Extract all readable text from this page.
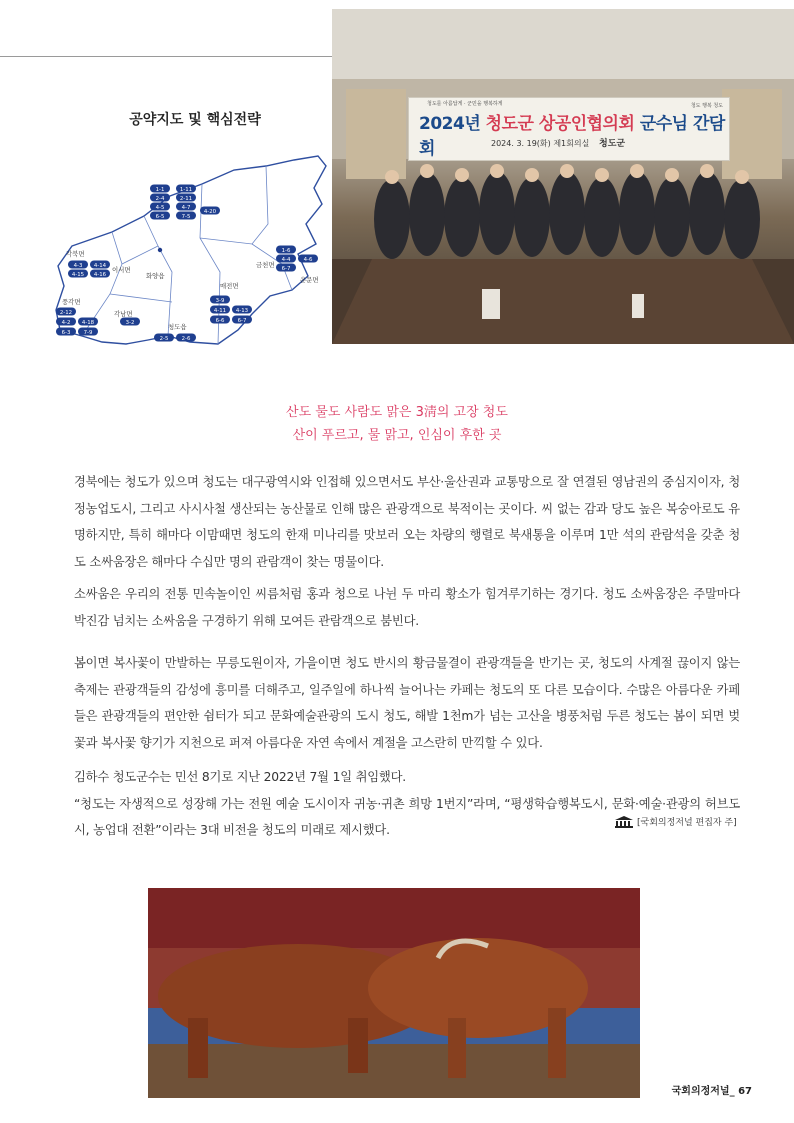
공약지도 및 핵심전략
각북면
이서면
화양읍
풍각면
각남면
청도읍
매전면
금천면
운문면
1-1	1-11
2-4	2-11
4-5	4-7
4-20
6-5	7-5
4-3 4-14
4-15 4-16
2-12
4-2 4-18
6-3 7-9
3-2
2-5 2-6
3-9
4-11 4-13
6-6 6-7
1-6
4-4 4-6
6-7
청도를 아름답게 · 군민을 행복하게	청도 행복 청도
2024년 청도군 상공인협의회 군수님 간담회	2024. 3. 19(화) 제1회의실 청도군
산도 물도 사람도 맑은 3淸의 고장 청도
산이 푸르고, 물 맑고, 인심이 후한 곳

경북에는 청도가 있으며 청도는 대구광역시와 인접해 있으면서도 부산·울산권과 교통망으로 잘 연결된 영남권의 중심지이자, 청정농업도시, 그리고 사시사철 생산되는 농산물로 인해 많은 관광객으로 북적이는 곳이다. 씨 없는 감과 당도 높은 복숭아로도 유명하지만, 특히 해마다 이맘때면 청도의 한재 미나리를 맛보러 오는 차량의 행렬로 북새통을 이루며 1만 석의 관람석을 갖춘 청도 소싸움장은 해마다 수십만 명의 관람객이 찾는 명물이다.

소싸움은 우리의 전통 민속놀이인 씨름처럼 홍과 청으로 나뉜 두 마리 황소가 힘겨루기하는 경기다. 청도 소싸움장은 주말마다 박진감 넘치는 소싸움을 구경하기 위해 모여든 관람객으로 붐빈다.

봄이면 복사꽃이 만발하는 무릉도원이자, 가을이면 청도 반시의 황금물결이 관광객들을 반기는 곳, 청도의 사계절 끊이지 않는 축제는 관광객들의 감성에 흥미를 더해주고, 일주일에 하나씩 늘어나는 카페는 청도의 또 다른 모습이다. 수많은 아름다운 카페들은 관광객들의 편안한 쉼터가 되고 문화예술관광의 도시 청도, 해발 1천m가 넘는 고산을 병풍처럼 두른 청도는 봄이 되면 벚꽃과 복사꽃 향기가 지천으로 퍼져 아름다운 자연 속에서 계절을 고스란히 만끽할 수 있다.

김하수 청도군수는 민선 8기로 지난 2022년 7월 1일 취임했다.
“청도는 자생적으로 성장해 가는 전원 예술 도시이자 귀농·귀촌 희망 1번지”라며, “평생학습행복도시, 문화·예술·관광의 허브도시, 농업대 전환”이라는 3대 비전을 청도의 미래로 제시했다.	[국회의정저널 편집자 주]
국회의정저널_ 67
